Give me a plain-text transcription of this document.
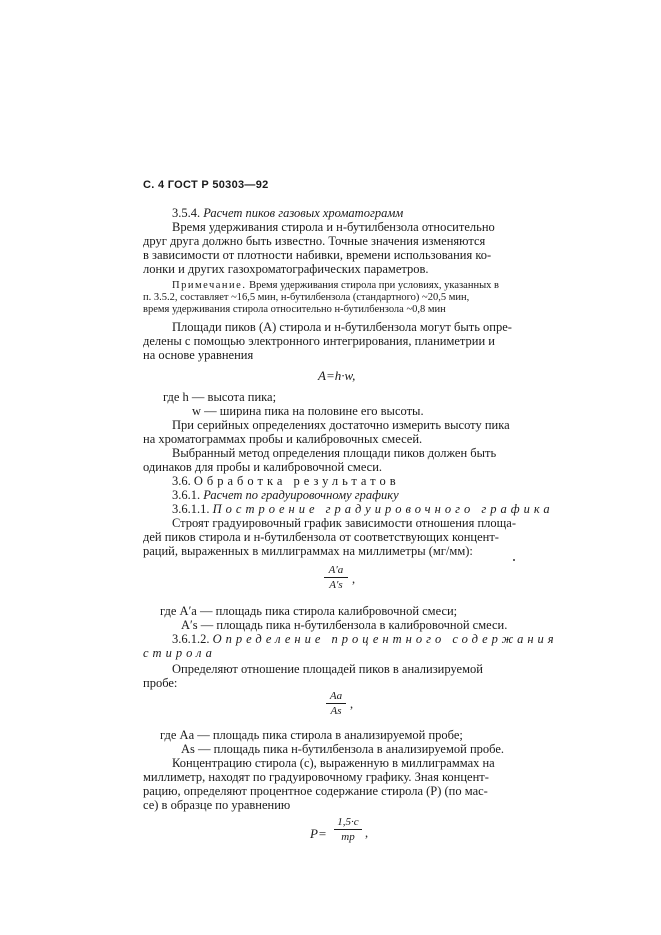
С. 4 ГОСТ Р 50303—92
3.5.4. Расчет пиков газовых хроматограмм
Время удерживания стирола и н-бутилбензола относительно
друг друга должно быть известно. Точные значения изменяются
в зависимости от плотности набивки, времени использования ко-
лонки и других газохроматографических параметров.
Примечание. Время удерживания стирола при условиях, указанных в
п. 3.5.2, составляет ~16,5 мин, н-бутилбензола (стандартного) ~20,5 мин,
время удерживания стирола относительно н-бутилбензола ~0,8 мин
Площади пиков (A) стирола и н-бутилбензола могут быть опре-
делены с помощью электронного интегрирования, планиметрии и
на основе уравнения
A=h·w,
где h — высота пика;
w — ширина пика на половине его высоты.
При серийных определениях достаточно измерить высоту пика
на хроматограммах пробы и калибровочных смесей.
Выбранный метод определения площади пиков должен быть
одинаков для пробы и калибровочной смеси.
3.6. Обработка результатов
3.6.1. Расчет по градуировочному графику
3.6.1.1. Построение градуировочного графика
Строят градуировочный график зависимости отношения площа-
дей пиков стирола и н-бутилбензола от соответствующих концент-
раций, выраженных в миллиграммах на миллиметры (мг/мм):
A′a
A′s ,
где A′a — площадь пика стирола калибровочной смеси;
A′s — площадь пика н-бутилбензола в калибровочной смеси.
3.6.1.2. Определение процентного содержания
стирола
Определяют отношение площадей пиков в анализируемой
пробе:
Aa
As ,
где Aa — площадь пика стирола в анализируемой пробе;
As — площадь пика н-бутилбензола в анализируемой пробе.
Концентрацию стирола (c), выраженную в миллиграммах на
миллиметр, находят по градуировочному графику. Зная концент-
рацию, определяют процентное содержание стирола (P) (по мас-
се) в образце по уравнению
P=
1,5·c
mp ,
